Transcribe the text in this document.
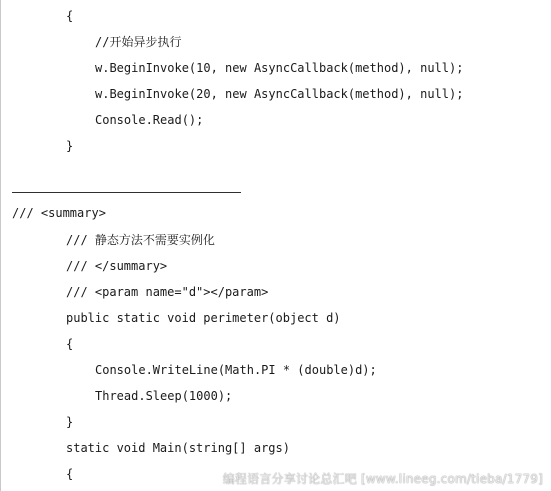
{
//开始异步执行
w.BeginInvoke(10, new AsyncCallback(method), null);
w.BeginInvoke(20, new AsyncCallback(method), null);
Console.Read();
}
/// <summary>
/// 静态方法不需要实例化
/// </summary>
/// <param name="d"></param>
public static void perimeter(object d)
{
Console.WriteLine(Math.PI * (double)d);
Thread.Sleep(1000);
}
static void Main(string[] args)
{	编程语言分享讨论总汇吧 [www.lineeg.com/tieba/1779]
